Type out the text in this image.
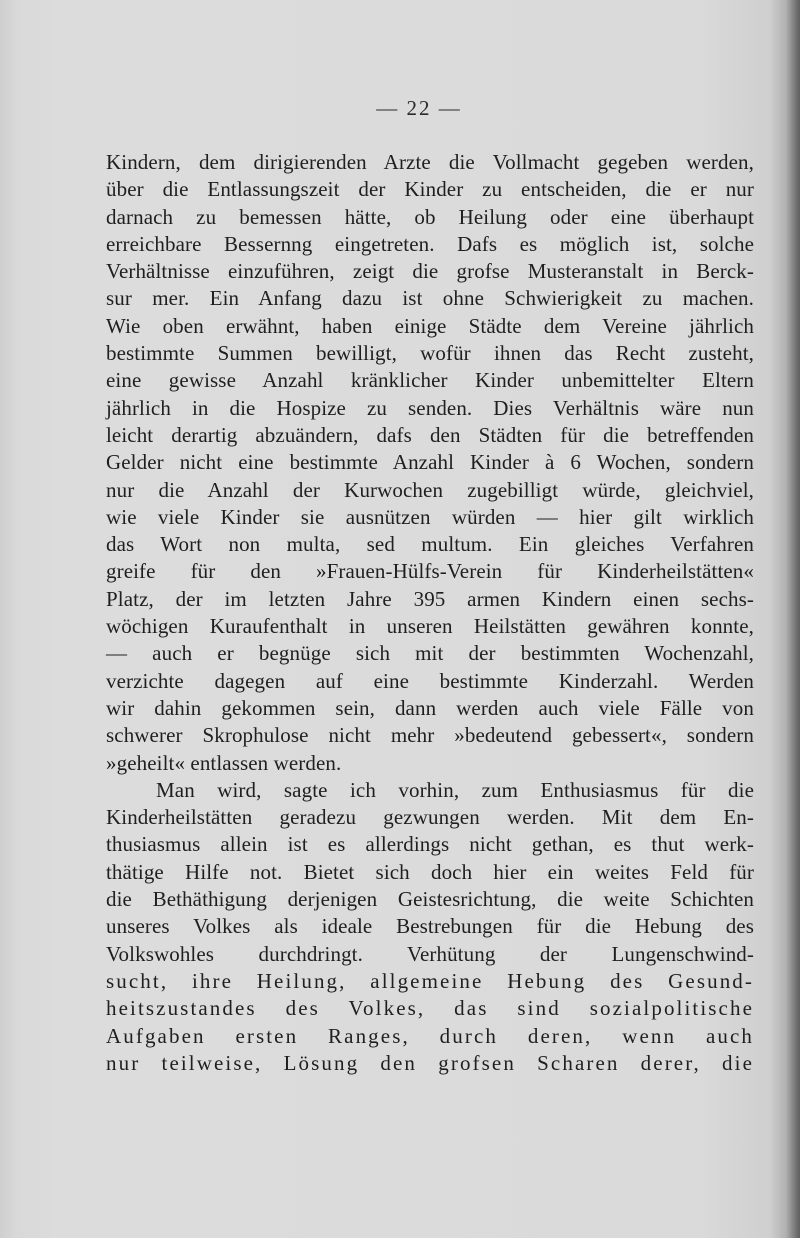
— 22 —
Kindern, dem dirigierenden Arzte die Vollmacht gegeben werden,
über die Entlassungszeit der Kinder zu entscheiden, die er nur
darnach zu bemessen hätte, ob Heilung oder eine überhaupt
erreichbare Bessernng eingetreten. Dafs es möglich ist, solche
Verhältnisse einzuführen, zeigt die grofse Musteranstalt in Berck-
sur mer. Ein Anfang dazu ist ohne Schwierigkeit zu machen.
Wie oben erwähnt, haben einige Städte dem Vereine jährlich
bestimmte Summen bewilligt, wofür ihnen das Recht zusteht,
eine gewisse Anzahl kränklicher Kinder unbemittelter Eltern
jährlich in die Hospize zu senden. Dies Verhältnis wäre nun
leicht derartig abzuändern, dafs den Städten für die betreffenden
Gelder nicht eine bestimmte Anzahl Kinder à 6 Wochen, sondern
nur die Anzahl der Kurwochen zugebilligt würde, gleichviel,
wie viele Kinder sie ausnützen würden — hier gilt wirklich
das Wort non multa, sed multum. Ein gleiches Verfahren
greife für den »Frauen-Hülfs-Verein für Kinderheilstätten«
Platz, der im letzten Jahre 395 armen Kindern einen sechs-
wöchigen Kuraufenthalt in unseren Heilstätten gewähren konnte,
— auch er begnüge sich mit der bestimmten Wochenzahl,
verzichte dagegen auf eine bestimmte Kinderzahl. Werden
wir dahin gekommen sein, dann werden auch viele Fälle von
schwerer Skrophulose nicht mehr »bedeutend gebessert«, sondern
»geheilt« entlassen werden.
Man wird, sagte ich vorhin, zum Enthusiasmus für die
Kinderheilstätten geradezu gezwungen werden. Mit dem En-
thusiasmus allein ist es allerdings nicht gethan, es thut werk-
thätige Hilfe not. Bietet sich doch hier ein weites Feld für
die Bethäthigung derjenigen Geistesrichtung, die weite Schichten
unseres Volkes als ideale Bestrebungen für die Hebung des
Volkswohles durchdringt. Verhütung der Lungenschwind-
sucht, ihre Heilung, allgemeine Hebung des Gesund-
heitszustandes des Volkes, das sind sozialpolitische
Aufgaben ersten Ranges, durch deren, wenn auch
nur teilweise, Lösung den grofsen Scharen derer, die
